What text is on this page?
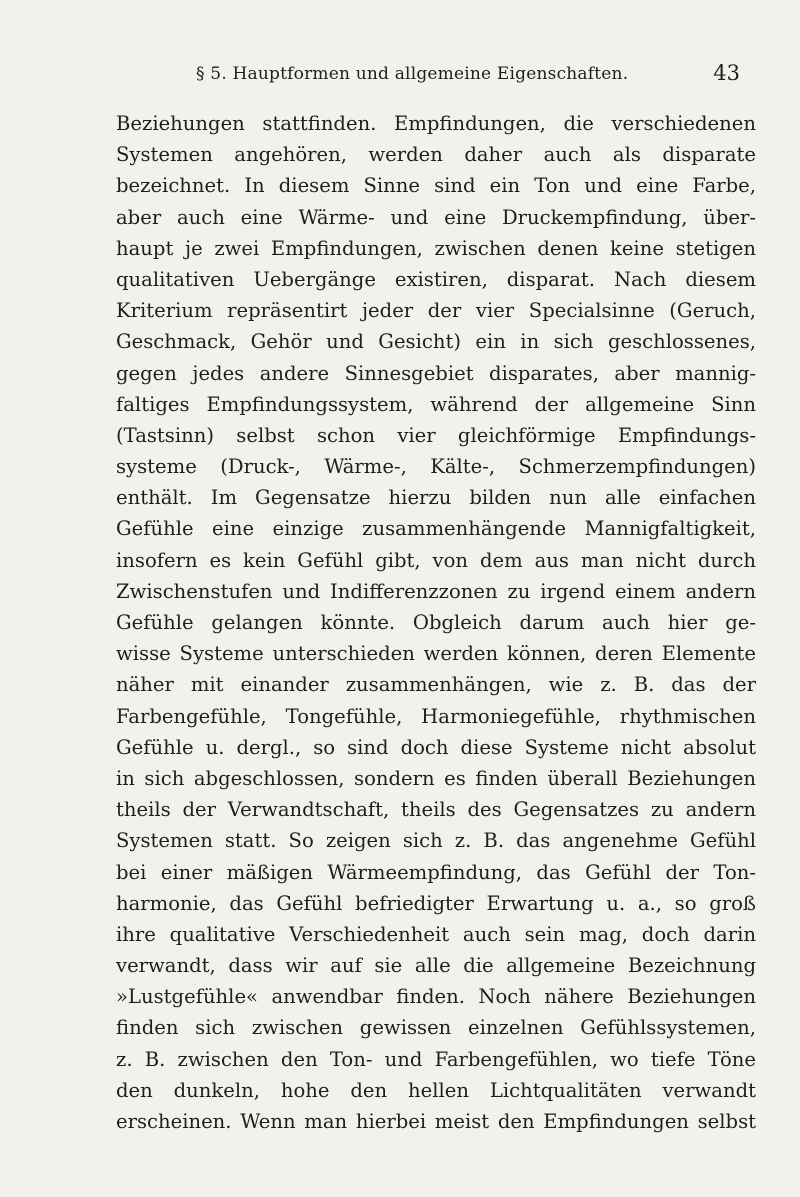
§ 5. Hauptformen und allgemeine Eigenschaften.	43
Beziehungen stattfinden. Empfindungen, die verschiedenen
Systemen angehören, werden daher auch als disparate
bezeichnet. In diesem Sinne sind ein Ton und eine Farbe,
aber auch eine Wärme- und eine Druckempfindung, über-
haupt je zwei Empfindungen, zwischen denen keine stetigen
qualitativen Uebergänge existiren, disparat. Nach diesem
Kriterium repräsentirt jeder der vier Specialsinne (Geruch,
Geschmack, Gehör und Gesicht) ein in sich geschlossenes,
gegen jedes andere Sinnesgebiet disparates, aber mannig-
faltiges Empfindungssystem, während der allgemeine Sinn
(Tastsinn) selbst schon vier gleichförmige Empfindungs-
systeme (Druck-, Wärme-, Kälte-, Schmerzempfindungen)
enthält. Im Gegensatze hierzu bilden nun alle einfachen
Gefühle eine einzige zusammenhängende Mannigfaltigkeit,
insofern es kein Gefühl gibt, von dem aus man nicht durch
Zwischenstufen und Indifferenzzonen zu irgend einem andern
Gefühle gelangen könnte. Obgleich darum auch hier ge-
wisse Systeme unterschieden werden können, deren Elemente
näher mit einander zusammenhängen, wie z. B. das der
Farbengefühle, Tongefühle, Harmoniegefühle, rhythmischen
Gefühle u. dergl., so sind doch diese Systeme nicht absolut
in sich abgeschlossen, sondern es finden überall Beziehungen
theils der Verwandtschaft, theils des Gegensatzes zu andern
Systemen statt. So zeigen sich z. B. das angenehme Gefühl
bei einer mäßigen Wärmeempfindung, das Gefühl der Ton-
harmonie, das Gefühl befriedigter Erwartung u. a., so groß
ihre qualitative Verschiedenheit auch sein mag, doch darin
verwandt, dass wir auf sie alle die allgemeine Bezeichnung
»Lustgefühle« anwendbar finden. Noch nähere Beziehungen
finden sich zwischen gewissen einzelnen Gefühlssystemen,
z. B. zwischen den Ton- und Farbengefühlen, wo tiefe Töne
den dunkeln, hohe den hellen Lichtqualitäten verwandt
erscheinen. Wenn man hierbei meist den Empfindungen selbst
